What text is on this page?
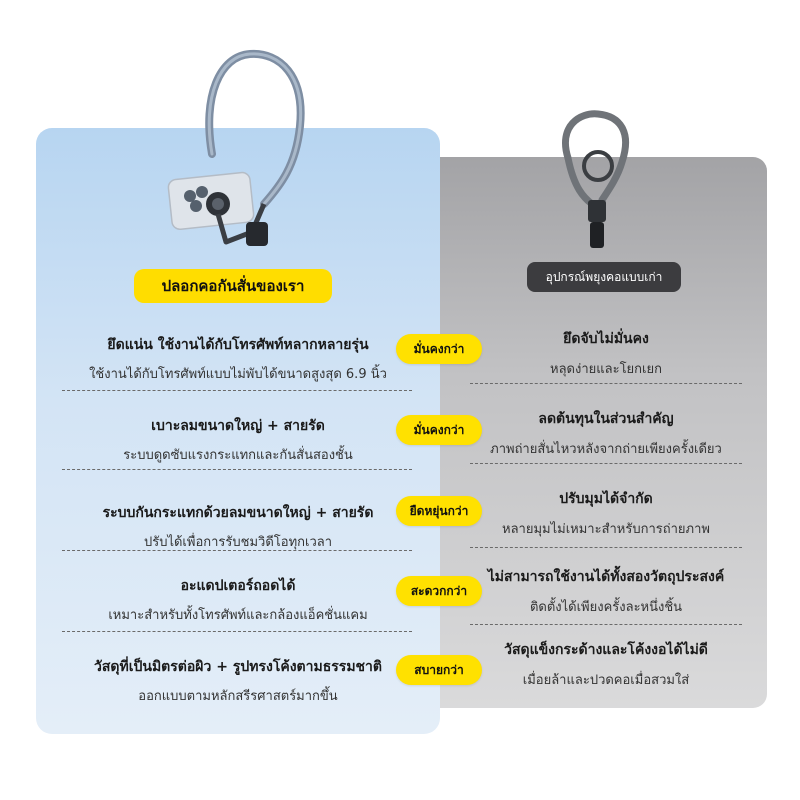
ปลอกคอกันสั่นของเรา	อุปกรณ์พยุงคอแบบเก่า
ยึดแน่น ใช้งานได้กับโทรศัพท์หลากหลายรุ่น
ใช้งานได้กับโทรศัพท์แบบไม่พับได้ขนาดสูงสุด 6.9 นิ้ว
เบาะลมขนาดใหญ่ + สายรัด
ระบบดูดซับแรงกระแทกและกันสั่นสองชั้น
ระบบกันกระแทกด้วยลมขนาดใหญ่ + สายรัด
ปรับได้เพื่อการรับชมวิดีโอทุกเวลา
อะแดปเตอร์ถอดได้
เหมาะสำหรับทั้งโทรศัพท์และกล้องแอ็คชั่นแคม
วัสดุที่เป็นมิตรต่อผิว + รูปทรงโค้งตามธรรมชาติ
ออกแบบตามหลักสรีรศาสตร์มากขึ้น
ยึดจับไม่มั่นคง
หลุดง่ายและโยกเยก
ลดต้นทุนในส่วนสำคัญ
ภาพถ่ายสั่นไหวหลังจากถ่ายเพียงครั้งเดียว
ปรับมุมได้จำกัด
หลายมุมไม่เหมาะสำหรับการถ่ายภาพ
ไม่สามารถใช้งานได้ทั้งสองวัตถุประสงค์
ติดตั้งได้เพียงครั้งละหนึ่งชิ้น
วัสดุแข็งกระด้างและโค้งงอได้ไม่ดี
เมื่อยล้าและปวดคอเมื่อสวมใส่
มั่นคงกว่า
มั่นคงกว่า
ยืดหยุ่นกว่า
สะดวกกว่า
สบายกว่า
